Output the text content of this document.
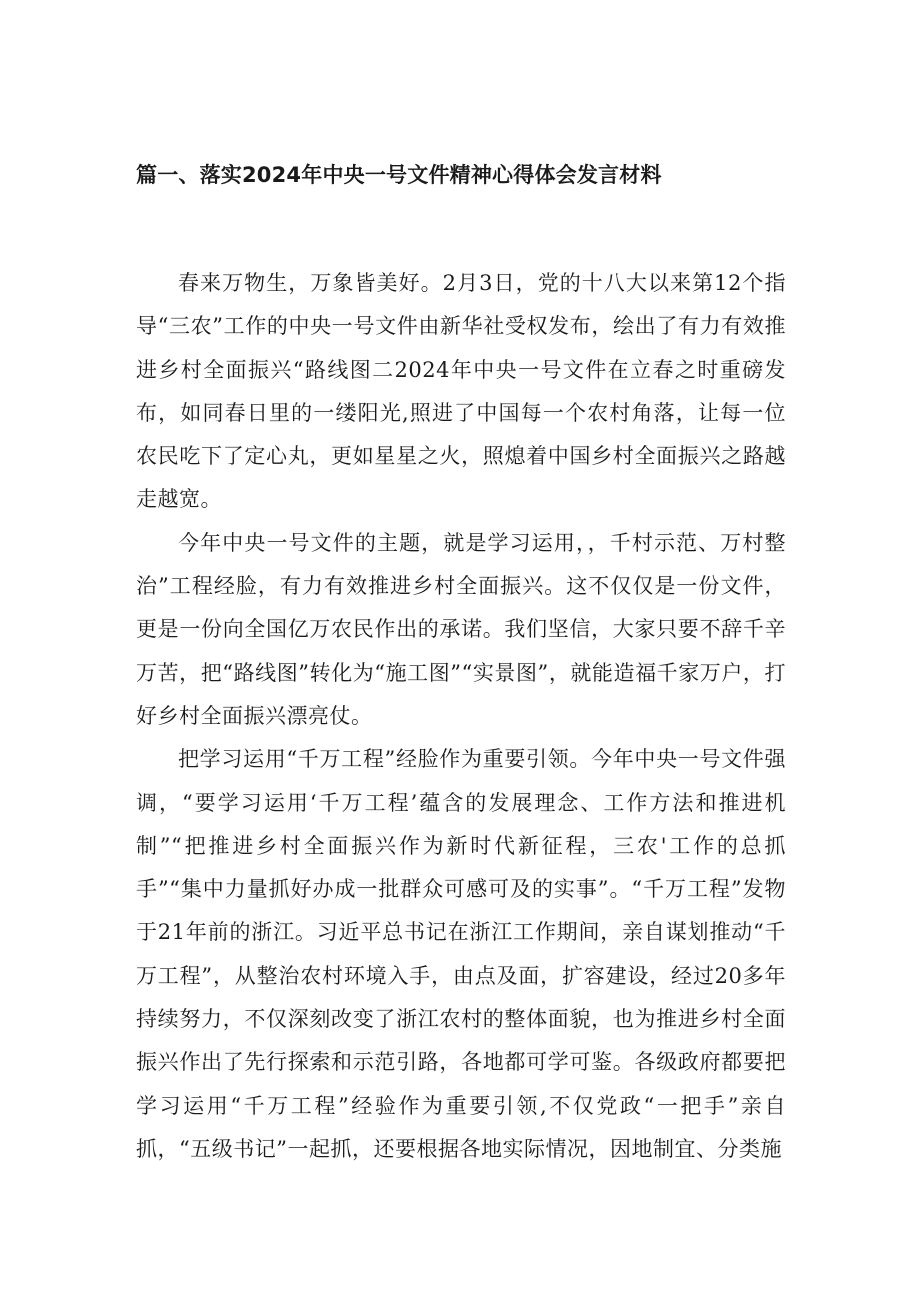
篇一、落实2024年中央一号文件精神心得体会发言材料

春来万物生，万象皆美好。2月3日，党的十八大以来第12个指导“三农”工作的中央一号文件由新华社受权发布，绘出了有力有效推进乡村全面振兴“路线图二2024年中央一号文件在立春之时重磅发布，如同春日里的一缕阳光,照进了中国每一个农村角落，让每一位农民吃下了定心丸，更如星星之火，照熄着中国乡村全面振兴之路越走越宽。

今年中央一号文件的主题，就是学习运用，，千村示范、万村整治”工程经脸，有力有效推进乡村全面振兴。这不仅仅是一份文件，更是一份向全国亿万农民作出的承诺。我们坚信，大家只要不辞千辛万苦，把“路线图”转化为“施工图”“实景图”，就能造福千家万户，打好乡村全面振兴漂亮仗。

把学习运用“千万工程”经脸作为重要引领。今年中央一号文件强调，“要学习运用‘千万工程’蕴含的发展理念、工作方法和推进机制”“把推进乡村全面振兴作为新时代新征程，三农'工作的总抓手”“集中力量抓好办成一批群众可感可及的实事”。“千万工程”发物于21年前的浙江。习近平总书记在浙江工作期间，亲自谋划推动“千万工程”，从整治农村环境入手，由点及面，扩容建设，经过20多年持续努力，不仅深刻改变了浙江农村的整体面貌，也为推进乡村全面振兴作出了先行探索和示范引路，各地都可学可鉴。各级政府都要把学习运用“千万工程”经验作为重要引领,不仅党政“一把手”亲自抓，“五级书记”一起抓，还要根据各地实际情况，因地制宜、分类施
